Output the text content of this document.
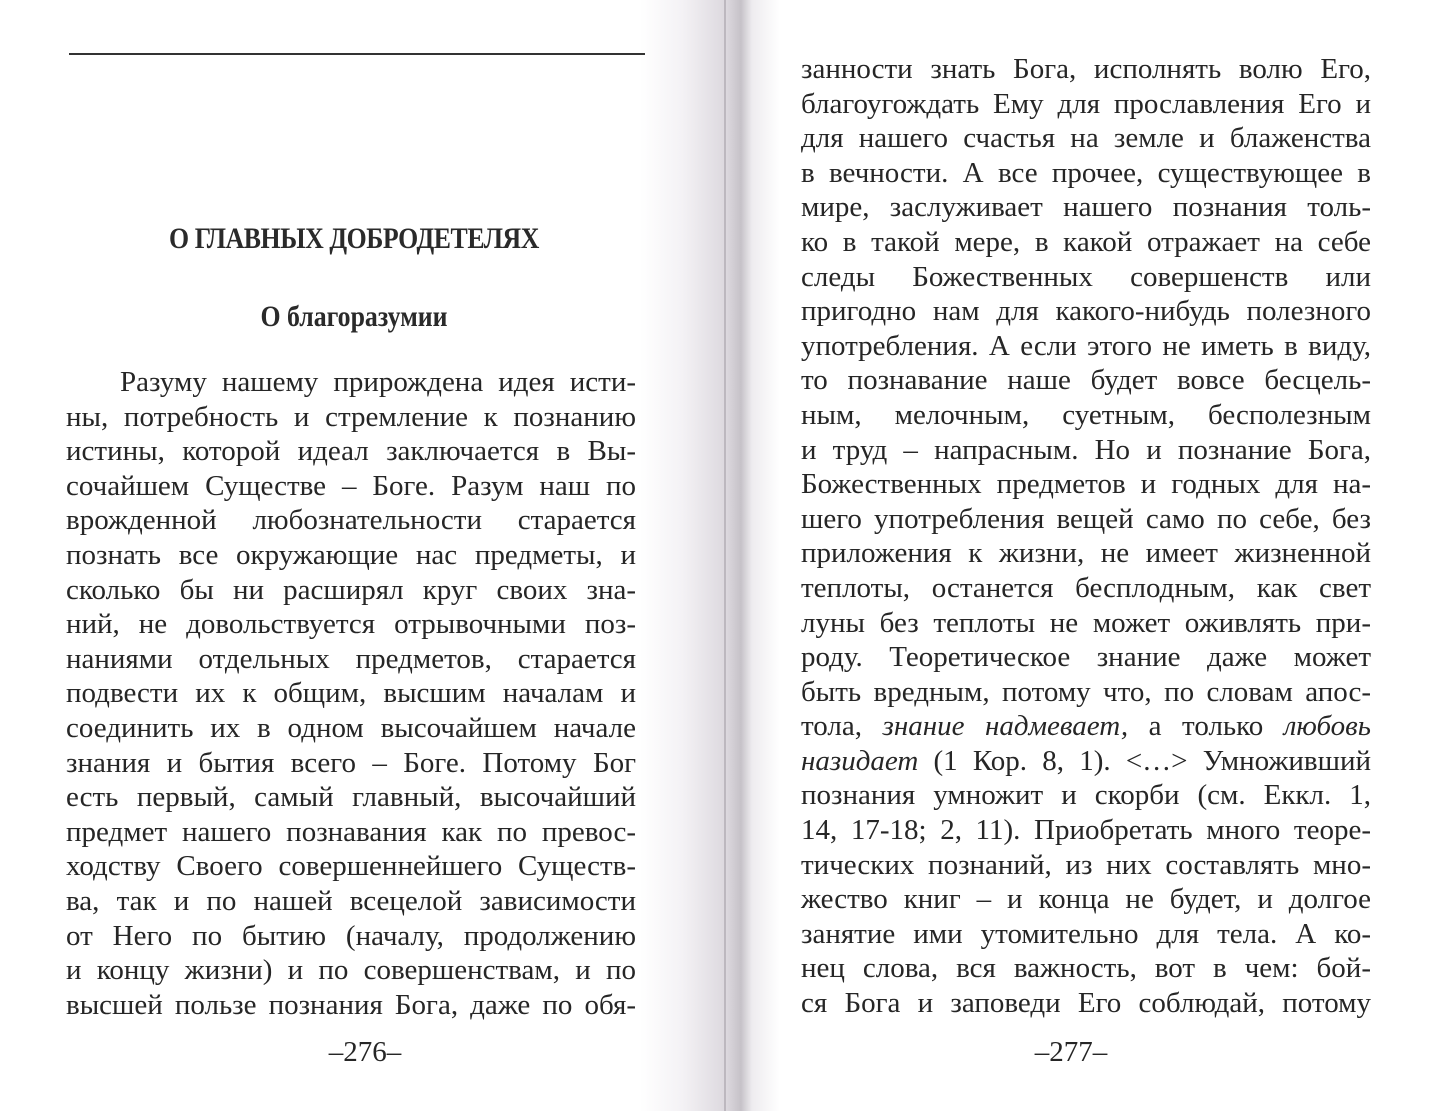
О ГЛАВНЫХ ДОБРОДЕТЕЛЯХ
О благоразумии
Разуму нашему прирождена идея исти-
ны, потребность и стремление к познанию
истины, которой идеал заключается в Вы-
сочайшем Существе – Боге. Разум наш по
врожденной любознательности старается
познать все окружающие нас предметы, и
сколько бы ни расширял круг своих зна-
ний, не довольствуется отрывочными поз-
наниями отдельных предметов, старается
подвести их к общим, высшим началам и
соединить их в одном высочайшем начале
знания и бытия всего – Боге. Потому Бог
есть первый, самый главный, высочайший
предмет нашего познавания как по превос-
ходству Своего совершеннейшего Существ-
ва, так и по нашей всецелой зависимости
от Него по бытию (началу, продолжению
и концу жизни) и по совершенствам, и по
высшей пользе познания Бога, даже по обя-
–276–
занности знать Бога, исполнять волю Его,
благоугождать Ему для прославления Его и
для нашего счастья на земле и блаженства
в вечности. А все прочее, существующее в
мире, заслуживает нашего познания толь-
ко в такой мере, в какой отражает на себе
следы Божественных совершенств или
пригодно нам для какого-нибудь полезного
употребления. А если этого не иметь в виду,
то познавание наше будет вовсе бесцель-
ным, мелочным, суетным, бесполезным
и труд – напрасным. Но и познание Бога,
Божественных предметов и годных для на-
шего употребления вещей само по себе, без
приложения к жизни, не имеет жизненной
теплоты, останется бесплодным, как свет
луны без теплоты не может оживлять при-
роду. Теоретическое знание даже может
быть вредным, потому что, по словам апос-
тола, знание надмевает, а только любовь
назидает (1 Кор. 8, 1). <…> Умноживший
познания умножит и скорби (см. Еккл. 1,
14, 17-18; 2, 11). Приобретать много теоре-
тических познаний, из них составлять мно-
жество книг – и конца не будет, и долгое
занятие ими утомительно для тела. А ко-
нец слова, вся важность, вот в чем: бой-
ся Бога и заповеди Его соблюдай, потому
–277–
